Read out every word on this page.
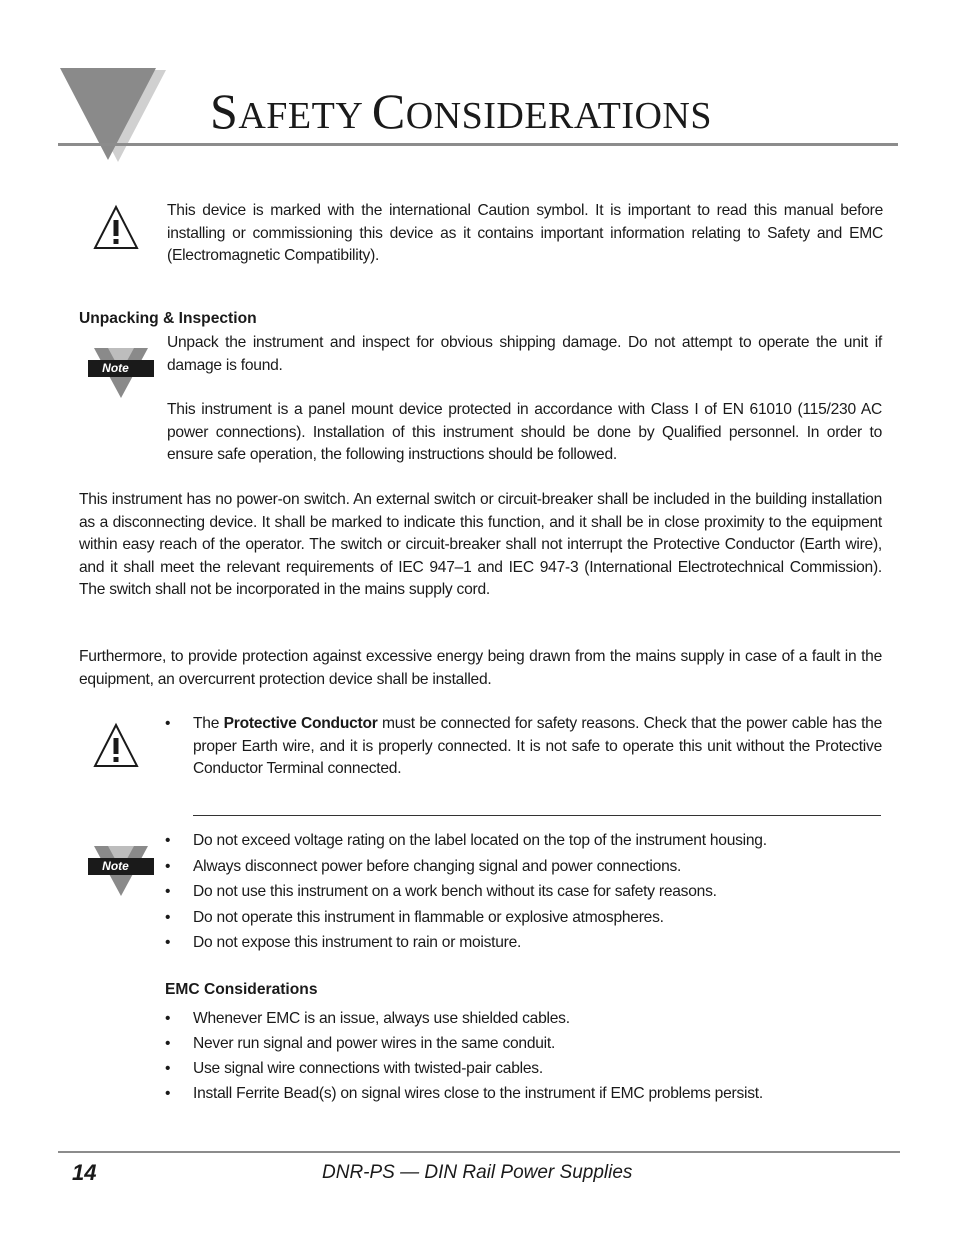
SAFETY CONSIDERATIONS
This device is marked with the international Caution symbol. It is important to read this manual before installing or commissioning this device as it contains important information relating to Safety and EMC (Electromagnetic Compatibility).
Unpacking & Inspection
Note
Unpack the instrument and inspect for obvious shipping damage. Do not attempt to operate the unit if damage is found.
This instrument is a panel mount device protected in accordance with Class I of EN 61010 (115/230 AC power connections). Installation of this instrument should be done by Qualified personnel. In order to ensure safe operation, the following instructions should be followed.
This instrument has no power-on switch. An external switch or circuit-breaker shall be included in the building installation as a disconnecting device. It shall be marked to indicate this function, and it shall be in close proximity to the equipment within easy reach of the operator. The switch or circuit-breaker shall not interrupt the Protective Conductor (Earth wire), and it shall meet the relevant requirements of IEC 947–1 and IEC 947-3 (International Electrotechnical Commission). The switch shall not be incorporated in the mains supply cord.
Furthermore, to provide protection against excessive energy being drawn from the mains supply in case of a fault in the equipment, an overcurrent protection device shall be installed.
• The Protective Conductor must be connected for safety reasons. Check that the power cable has the proper Earth wire, and it is properly connected. It is not safe to operate this unit without the Protective Conductor Terminal connected.
Note
• Do not exceed voltage rating on the label located on the top of the instrument housing.
• Always disconnect power before changing signal and power connections.
• Do not use this instrument on a work bench without its case for safety reasons.
• Do not operate this instrument in flammable or explosive atmospheres.
• Do not expose this instrument to rain or moisture.
EMC Considerations
• Whenever EMC is an issue, always use shielded cables.
• Never run signal and power wires in the same conduit.
• Use signal wire connections with twisted-pair cables.
• Install Ferrite Bead(s) on signal wires close to the instrument if EMC problems persist.
14	DNR-PS — DIN Rail Power Supplies
